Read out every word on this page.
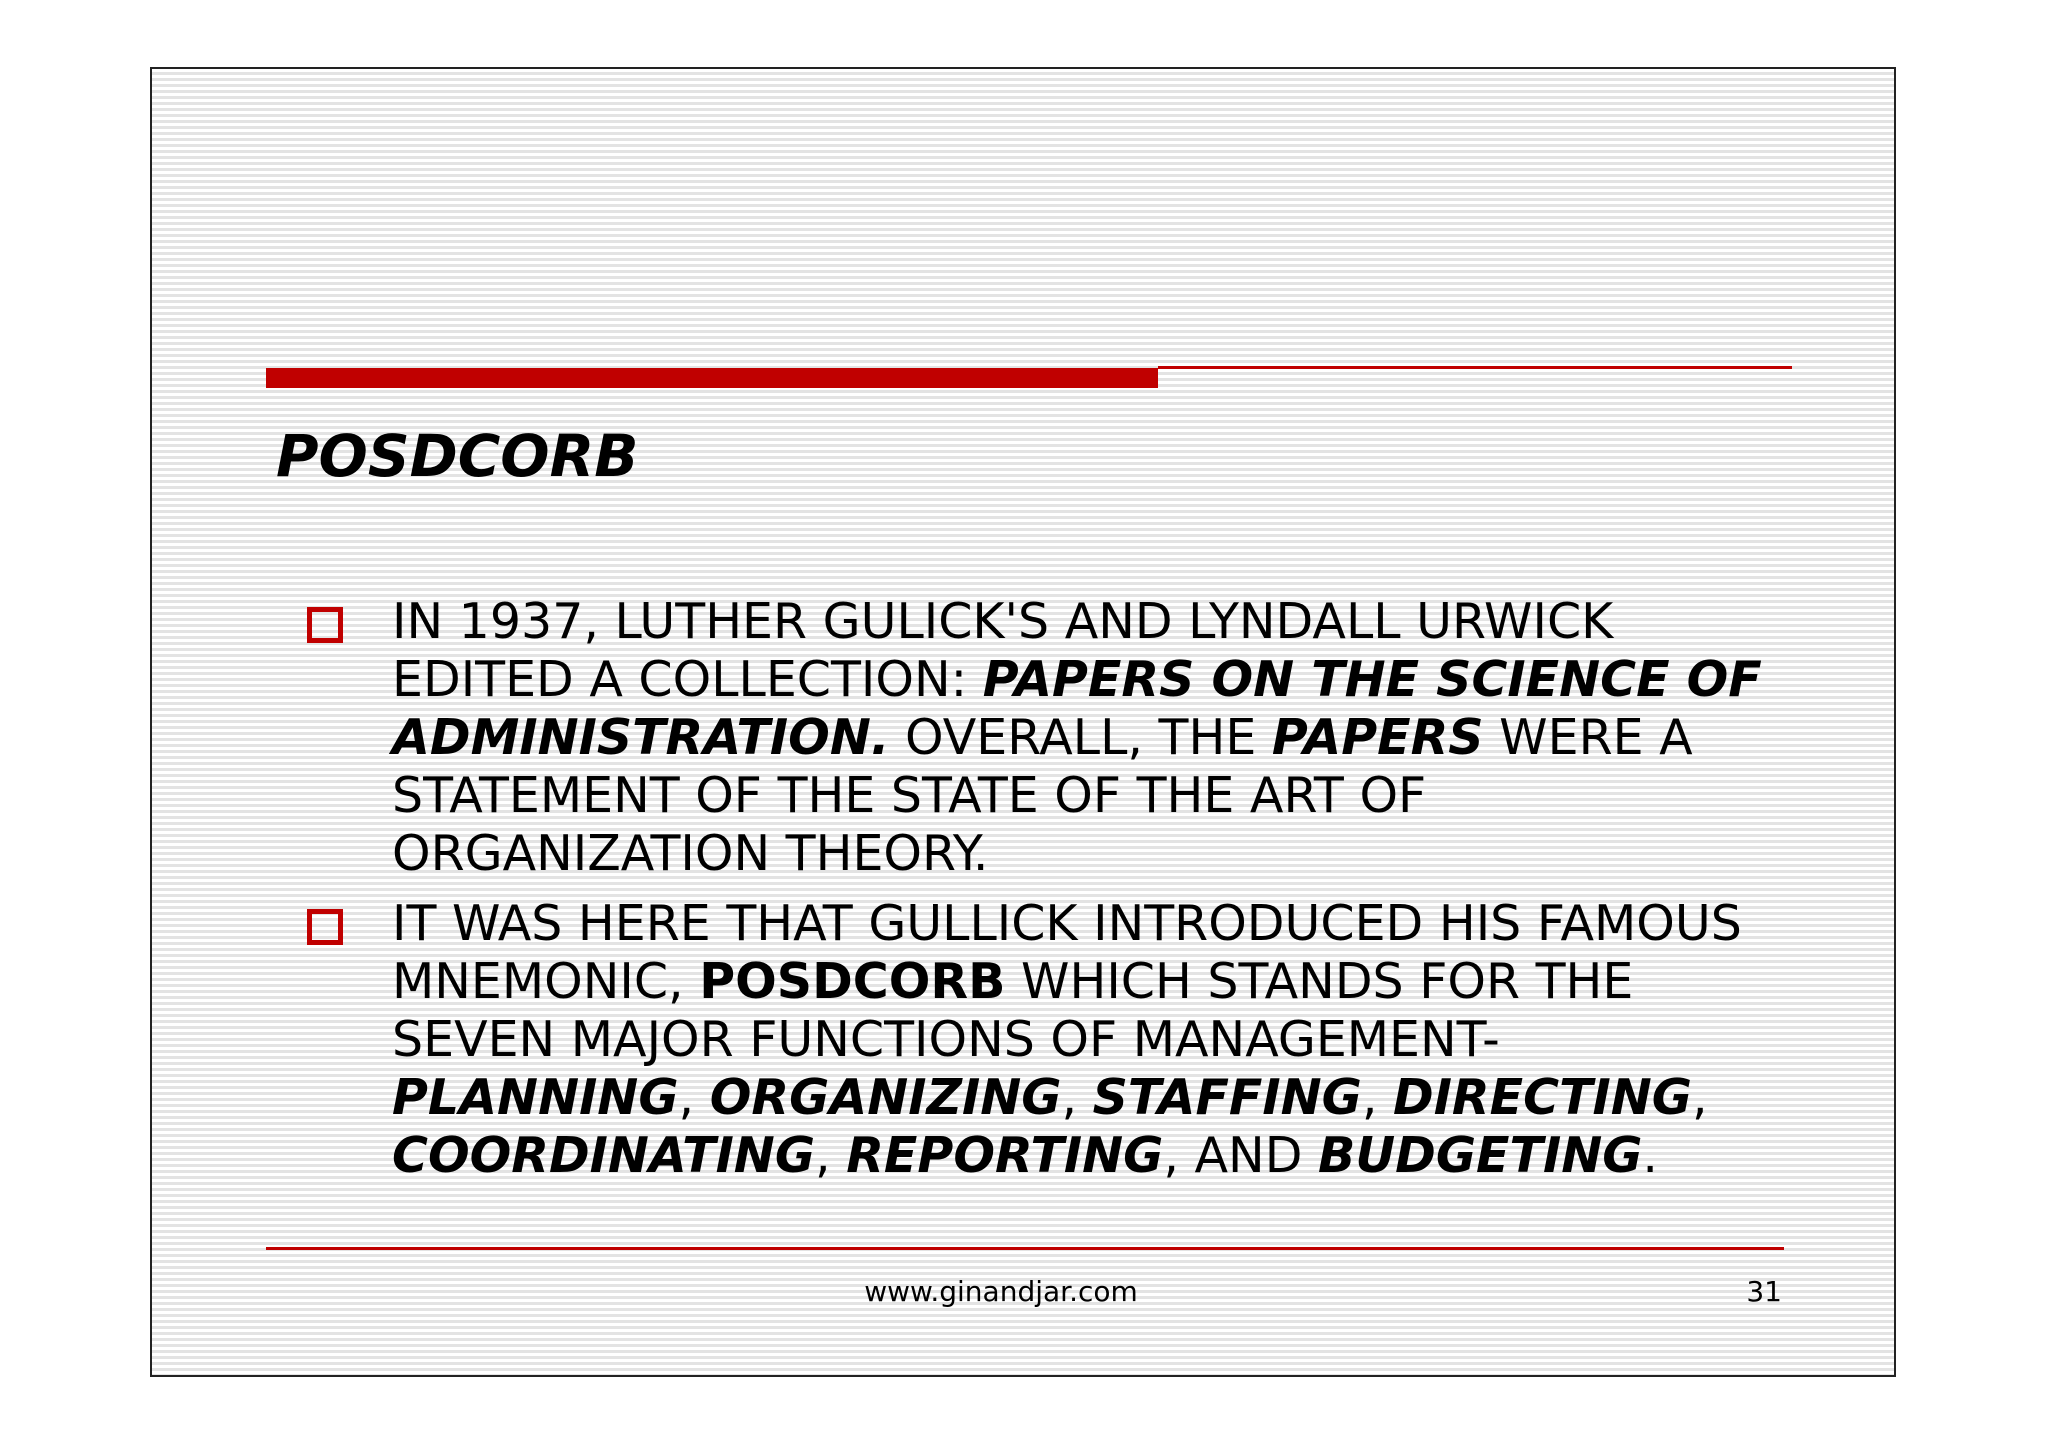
POSDCORB
IN 1937, LUTHER GULICK'S AND LYNDALL URWICK EDITED A COLLECTION: PAPERS ON THE SCIENCE OF ADMINISTRATION. OVERALL, THE PAPERS WERE A STATEMENT OF THE STATE OF THE ART OF ORGANIZATION THEORY.
IT WAS HERE THAT GULLICK INTRODUCED HIS FAMOUS MNEMONIC, POSDCORB WHICH STANDS FOR THE SEVEN MAJOR FUNCTIONS OF MANAGEMENT- PLANNING, ORGANIZING, STAFFING, DIRECTING, COORDINATING, REPORTING, AND BUDGETING.
www.ginandjar.com	31
